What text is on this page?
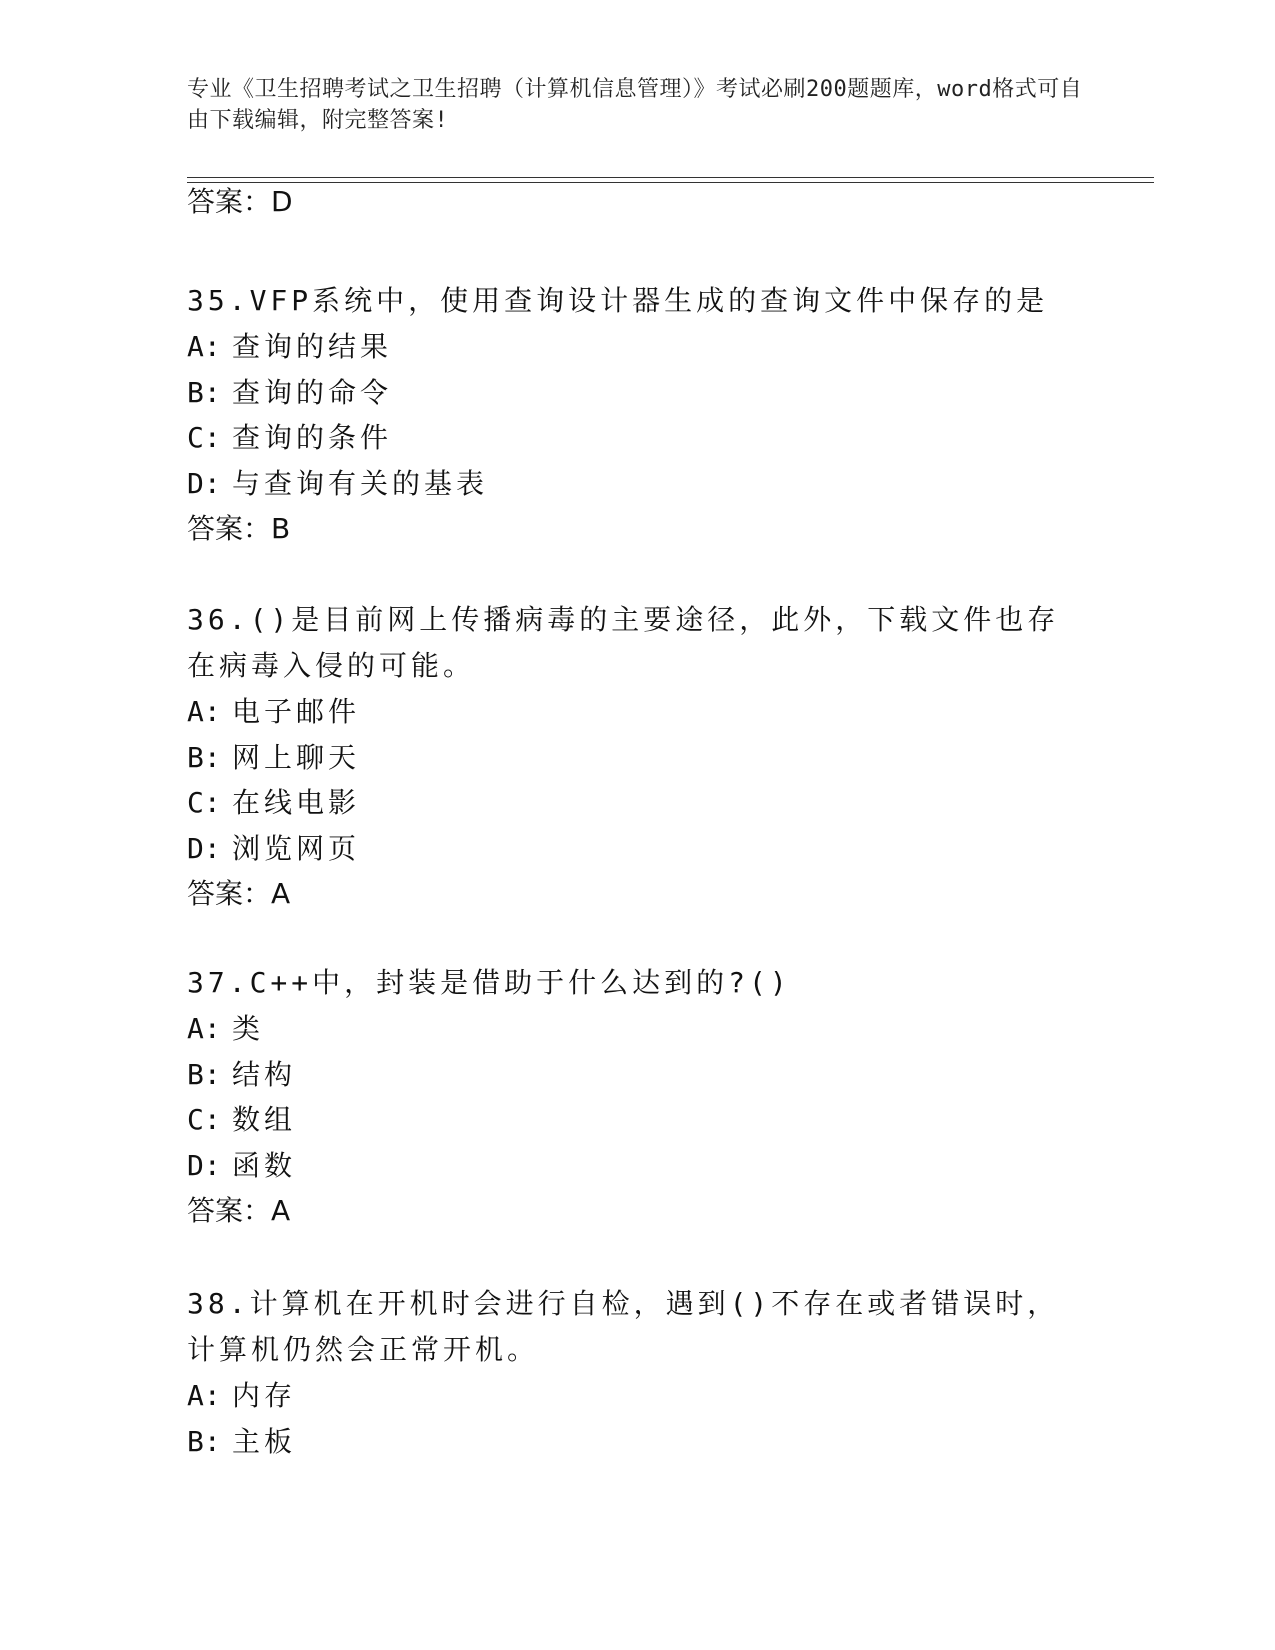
专业《卫生招聘考试之卫生招聘（计算机信息管理）》考试必刷200题题库，word格式可自由下载编辑，附完整答案!
答案：D
35.VFP系统中，使用查询设计器生成的查询文件中保存的是
A: 查询的结果
B: 查询的命令
C: 查询的条件
D: 与查询有关的基表
答案：B
36.()是目前网上传播病毒的主要途径，此外，下载文件也存在病毒入侵的可能。
A: 电子邮件
B: 网上聊天
C: 在线电影
D: 浏览网页
答案：A
37.C++中，封装是借助于什么达到的?()
A: 类
B: 结构
C: 数组
D: 函数
答案：A
38.计算机在开机时会进行自检，遇到()不存在或者错误时，计算机仍然会正常开机。
A: 内存
B: 主板
